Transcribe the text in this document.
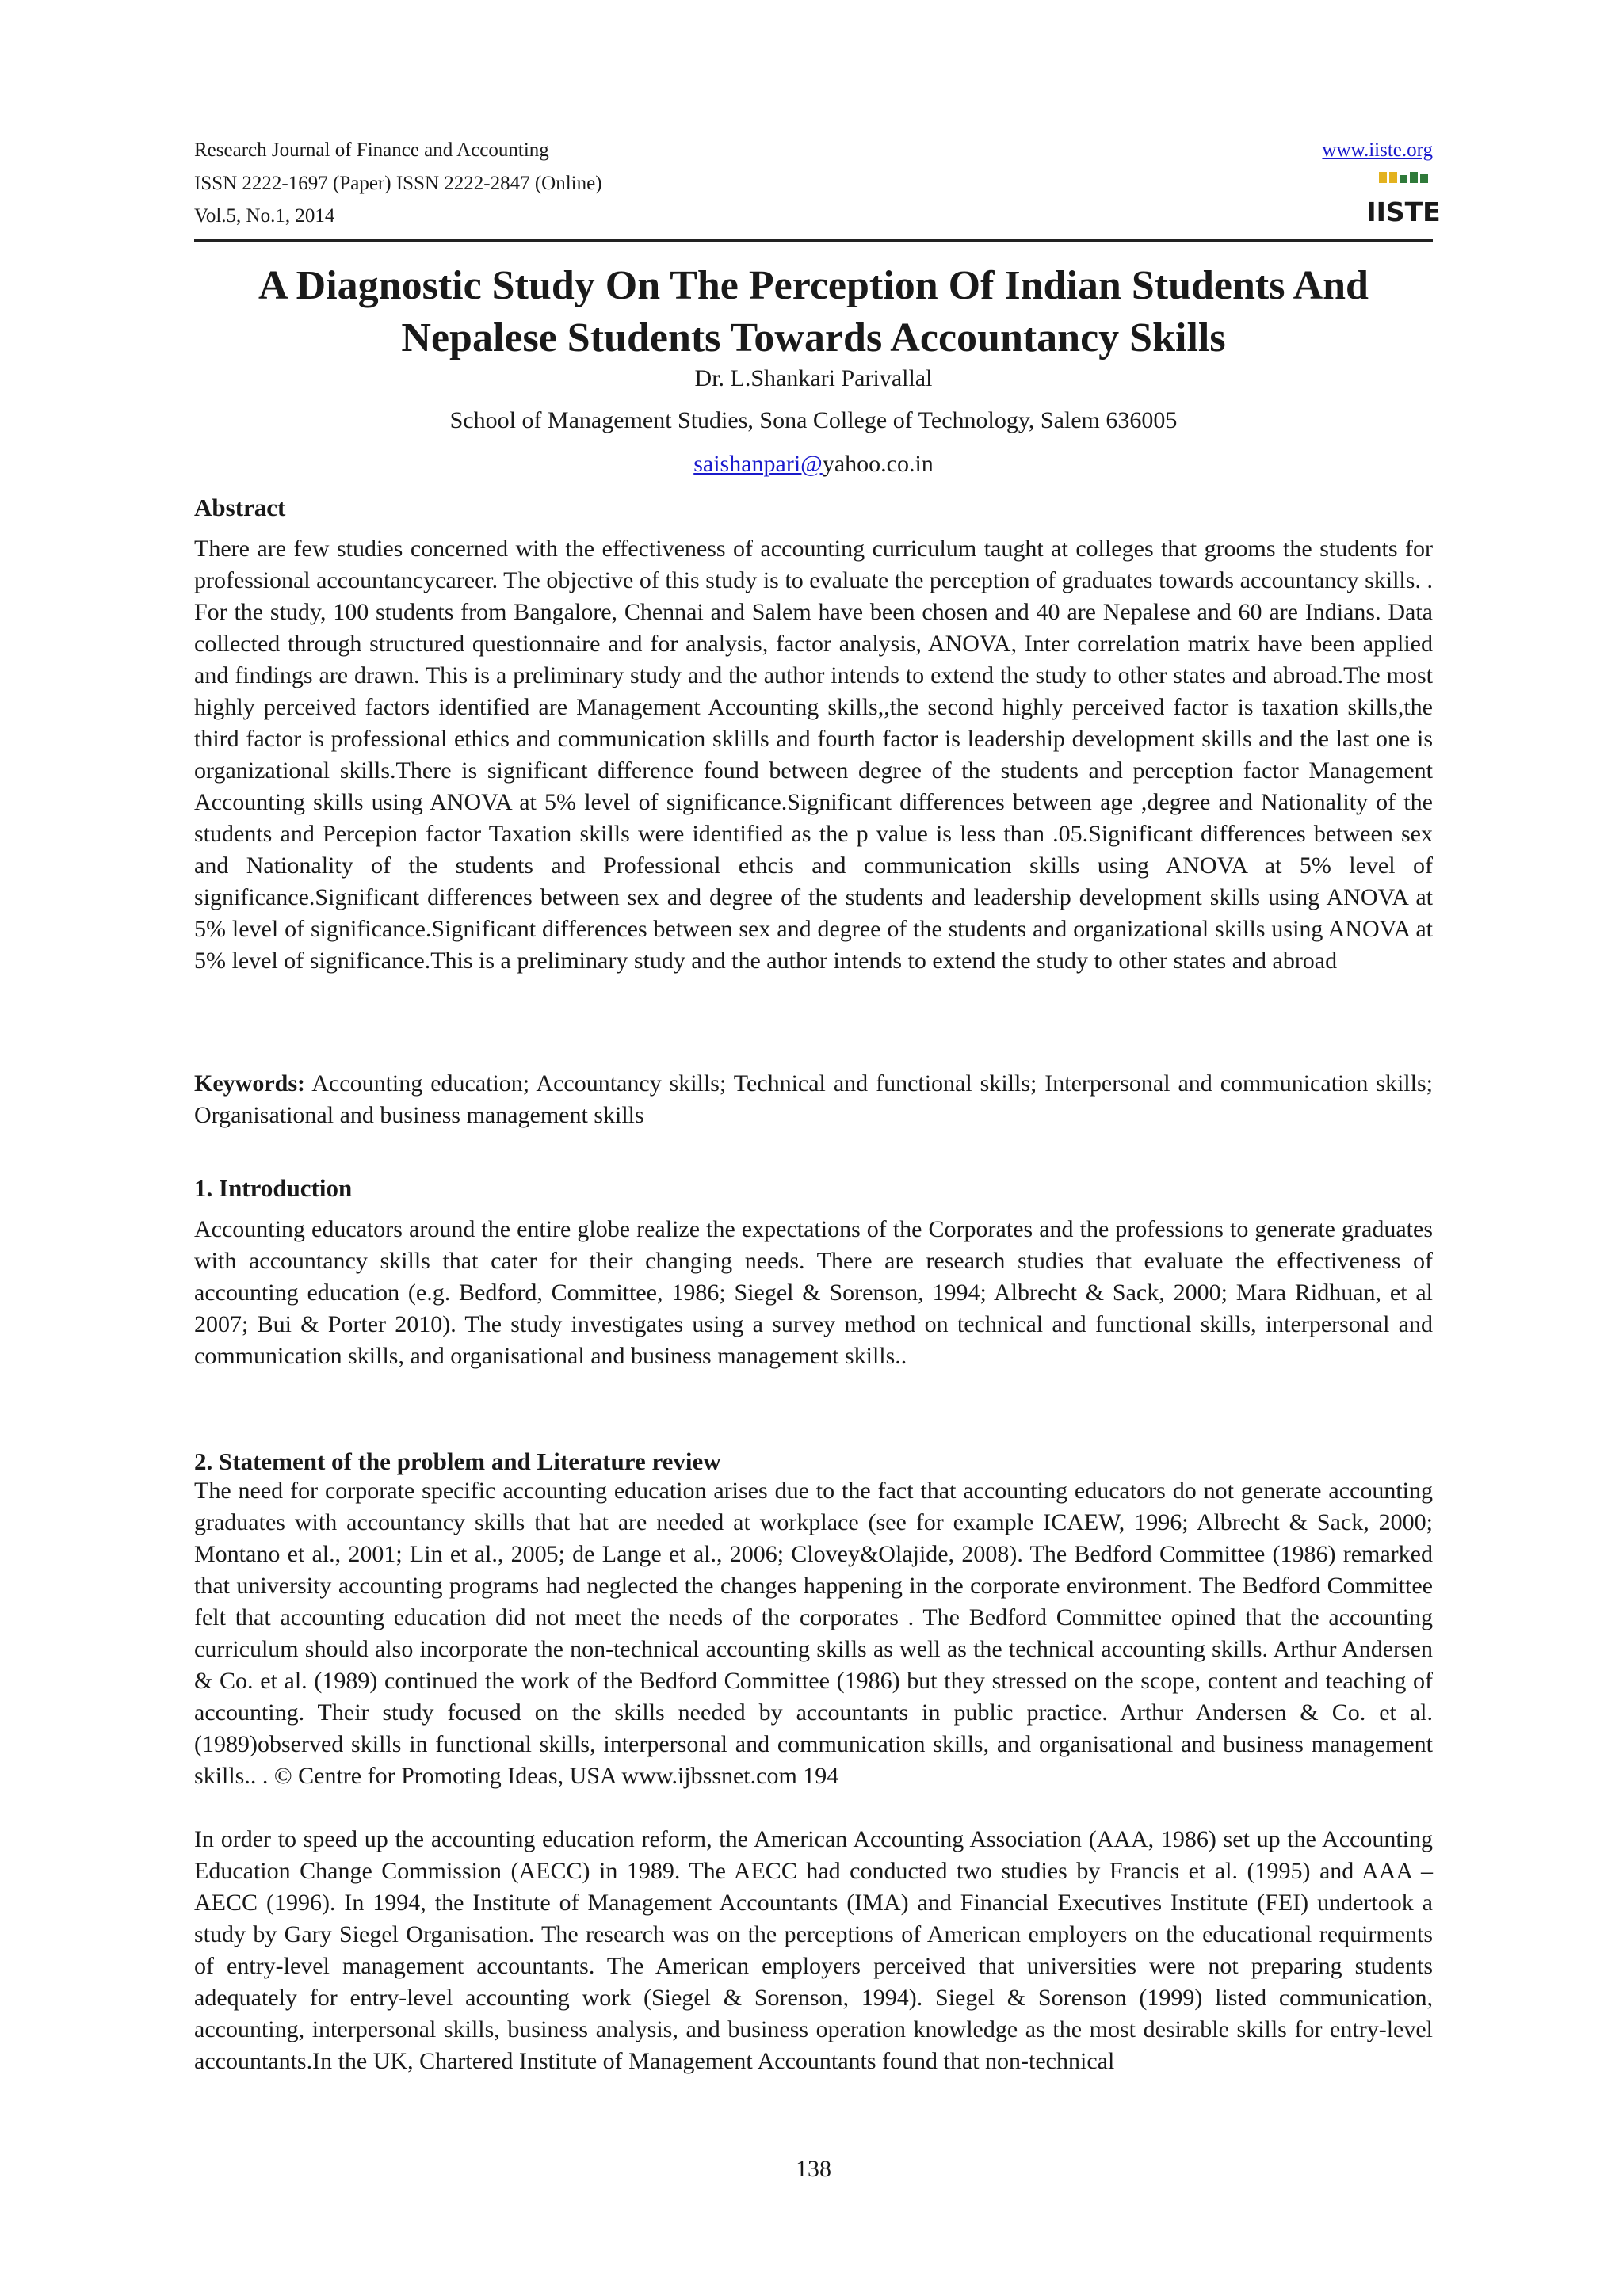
Research Journal of Finance and Accounting
ISSN 2222-1697 (Paper) ISSN 2222-2847 (Online)
Vol.5, No.1, 2014
www.iiste.org
IISTE
A Diagnostic Study On The Perception Of Indian Students And
Nepalese Students Towards Accountancy Skills
Dr. L.Shankari Parivallal
School of Management Studies, Sona College of Technology, Salem 636005
saishanpari@yahoo.co.in
Abstract

There are few studies concerned with the effectiveness of accounting curriculum taught at colleges that grooms the students for professional accountancycareer. The objective of this study is to evaluate the perception of graduates towards accountancy skills. . For the study, 100 students from Bangalore, Chennai and Salem have been chosen and 40 are Nepalese and 60 are Indians. Data collected through structured questionnaire and for analysis, factor analysis, ANOVA, Inter correlation matrix have been applied and findings are drawn. This is a preliminary study and the author intends to extend the study to other states and abroad.The most highly perceived factors identified are Management Accounting skills,,the second highly perceived factor is taxation skills,the third factor is professional ethics and communication sklills and fourth factor is leadership development skills and the last one is organizational skills.There is significant difference found between degree of the students and perception factor Management Accounting skills using ANOVA at 5% level of significance.Significant differences between age ,degree and Nationality of the students and Percepion factor Taxation skills were identified as the p value is less than .05.Significant differences between sex and Nationality of the students and Professional ethcis and communication skills using ANOVA at 5% level of significance.Significant differences between sex and degree of the students and leadership development skills using ANOVA at 5% level of significance.Significant differences between sex and degree of the students and organizational skills using ANOVA at 5% level of significance.This is a preliminary study and the author intends to extend the study to other states and abroad

Keywords: Accounting education; Accountancy skills; Technical and functional skills; Interpersonal and communication skills; Organisational and business management skills

1. Introduction

Accounting educators around the entire globe realize the expectations of the Corporates and the professions to generate graduates with accountancy skills that cater for their changing needs. There are research studies that evaluate the effectiveness of accounting education (e.g. Bedford, Committee, 1986; Siegel & Sorenson, 1994; Albrecht & Sack, 2000; Mara Ridhuan, et al 2007; Bui & Porter 2010). The study investigates using a survey method on technical and functional skills, interpersonal and communication skills, and organisational and business management skills..

2. Statement of the problem and Literature review

The need for corporate specific accounting education arises due to the fact that accounting educators do not generate accounting graduates with accountancy skills that hat are needed at workplace (see for example ICAEW, 1996; Albrecht & Sack, 2000; Montano et al., 2001; Lin et al., 2005; de Lange et al., 2006; Clovey&Olajide, 2008). The Bedford Committee (1986) remarked that university accounting programs had neglected the changes happening in the corporate environment. The Bedford Committee felt that accounting education did not meet the needs of the corporates . The Bedford Committee opined that the accounting curriculum should also incorporate the non-technical accounting skills as well as the technical accounting skills. Arthur Andersen & Co. et al. (1989) continued the work of the Bedford Committee (1986) but they stressed on the scope, content and teaching of accounting. Their study focused on the skills needed by accountants in public practice. Arthur Andersen & Co. et al. (1989)observed skills in functional skills, interpersonal and communication skills, and organisational and business management skills.. . © Centre for Promoting Ideas, USA www.ijbssnet.com 194

In order to speed up the accounting education reform, the American Accounting Association (AAA, 1986) set up the Accounting Education Change Commission (AECC) in 1989. The AECC had conducted two studies by Francis et al. (1995) and AAA – AECC (1996). In 1994, the Institute of Management Accountants (IMA) and Financial Executives Institute (FEI) undertook a study by Gary Siegel Organisation. The research was on the perceptions of American employers on the educational requirments of entry-level management accountants. The American employers perceived that universities were not preparing students adequately for entry-level accounting work (Siegel & Sorenson, 1994). Siegel & Sorenson (1999) listed communication, accounting, interpersonal skills, business analysis, and business operation knowledge as the most desirable skills for entry-level accountants.In the UK, Chartered Institute of Management Accountants found that non-technical

138
